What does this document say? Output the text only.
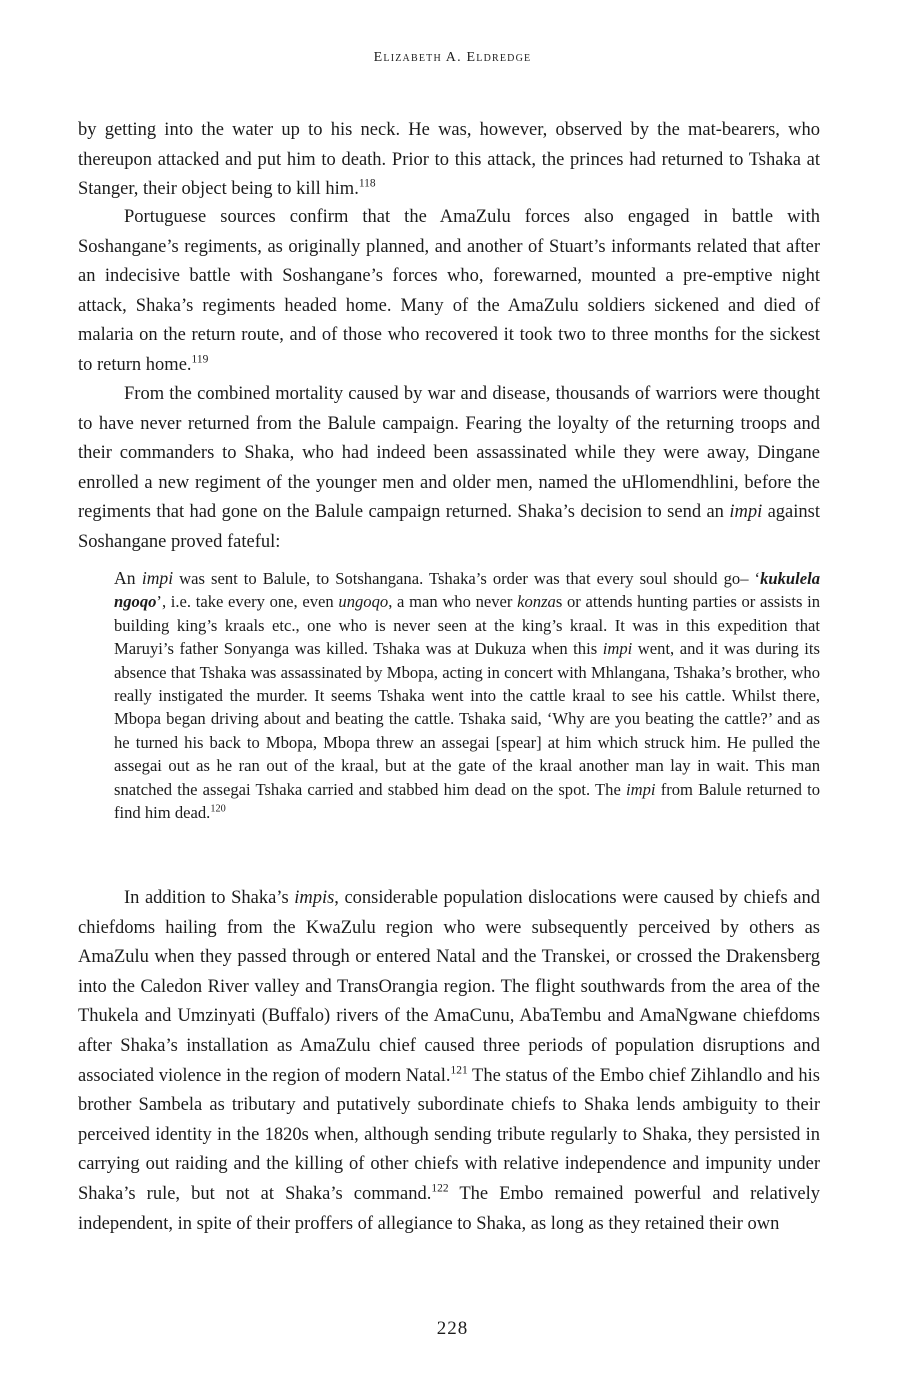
Elizabeth A. Eldredge

by getting into the water up to his neck. He was, however, observed by the mat-bearers, who thereupon attacked and put him to death. Prior to this attack, the princes had returned to Tshaka at Stanger, their object being to kill him.$^{118}$

Portuguese sources confirm that the AmaZulu forces also engaged in battle with Soshangane’s regiments, as originally planned, and another of Stuart’s informants related that after an indecisive battle with Soshangane’s forces who, forewarned, mounted a pre-emptive night attack, Shaka’s regiments headed home. Many of the AmaZulu soldiers sickened and died of malaria on the return route, and of those who recovered it took two to three months for the sickest to return home.$^{119}$

From the combined mortality caused by war and disease, thousands of warriors were thought to have never returned from the Balule campaign. Fearing the loyalty of the returning troops and their commanders to Shaka, who had indeed been assassinated while they were away, Dingane enrolled a new regiment of the younger men and older men, named the uHlomendhlini, before the regiments that had gone on the Balule campaign returned. Shaka’s decision to send an impi against Soshangane proved fateful:

An impi was sent to Balule, to Sotshangana. Tshaka’s order was that every soul should go– ‘kukulela ngoqo’, i.e. take every one, even ungoqo, a man who never konzas or attends hunting parties or assists in building king’s kraals etc., one who is never seen at the king’s kraal. It was in this expedition that Maruyi’s father Sonyanga was killed. Tshaka was at Dukuza when this impi went, and it was during its absence that Tshaka was assassinated by Mbopa, acting in concert with Mhlangana, Tshaka’s brother, who really instigated the murder. It seems Tshaka went into the cattle kraal to see his cattle. Whilst there, Mbopa began driving about and beating the cattle. Tshaka said, ‘Why are you beating the cattle?’ and as he turned his back to Mbopa, Mbopa threw an assegai [spear] at him which struck him. He pulled the assegai out as he ran out of the kraal, but at the gate of the kraal another man lay in wait. This man snatched the assegai Tshaka carried and stabbed him dead on the spot. The impi from Balule returned to find him dead.$^{120}$

In addition to Shaka’s impis, considerable population dislocations were caused by chiefs and chiefdoms hailing from the KwaZulu region who were subsequently perceived by others as AmaZulu when they passed through or entered Natal and the Transkei, or crossed the Drakensberg into the Caledon River valley and TransOrangia region. The flight southwards from the area of the Thukela and Umzinyati (Buffalo) rivers of the AmaCunu, AbaTembu and AmaNgwane chiefdoms after Shaka’s installation as AmaZulu chief caused three periods of population disruptions and associated violence in the region of modern Natal.$^{121}$ The status of the Embo chief Zihlandlo and his brother Sambela as tributary and putatively subordinate chiefs to Shaka lends ambiguity to their perceived identity in the 1820s when, although sending tribute regularly to Shaka, they persisted in carrying out raiding and the killing of other chiefs with relative independence and impunity under Shaka’s rule, but not at Shaka’s command.$^{122}$ The Embo remained powerful and relatively independent, in spite of their proffers of allegiance to Shaka, as long as they retained their own

228
